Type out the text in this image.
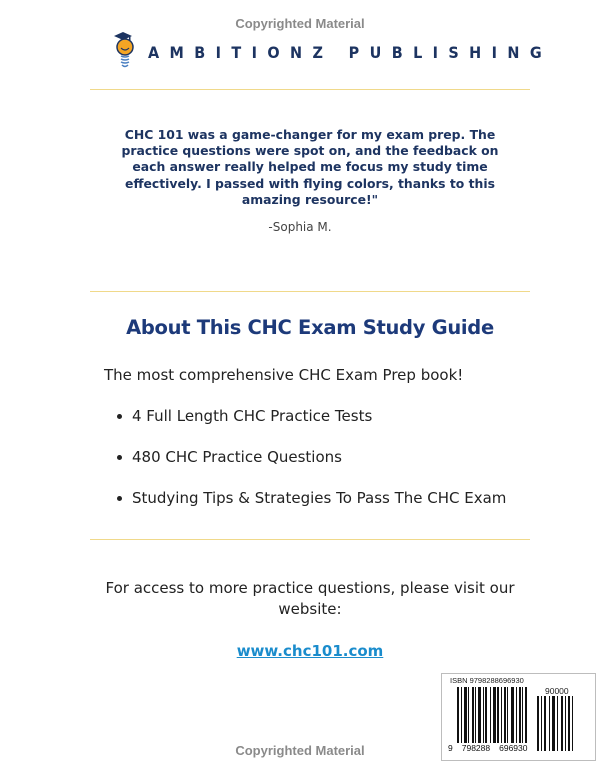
Copyrighted Material
AMBITIONZ PUBLISHING
CHC 101 was a game-changer for my exam prep. The practice questions were spot on, and the feedback on each answer really helped me focus my study time effectively. I passed with flying colors, thanks to this amazing resource!"
-Sophia M.
About This CHC Exam Study Guide
The most comprehensive CHC Exam Prep book!
4 Full Length CHC Practice Tests
480 CHC Practice Questions
Studying Tips & Strategies To Pass The CHC Exam
For access to more practice questions, please visit our website:
www.chc101.com
ISBN 9798288696930
90000
9 798288 696930
Copyrighted Material
